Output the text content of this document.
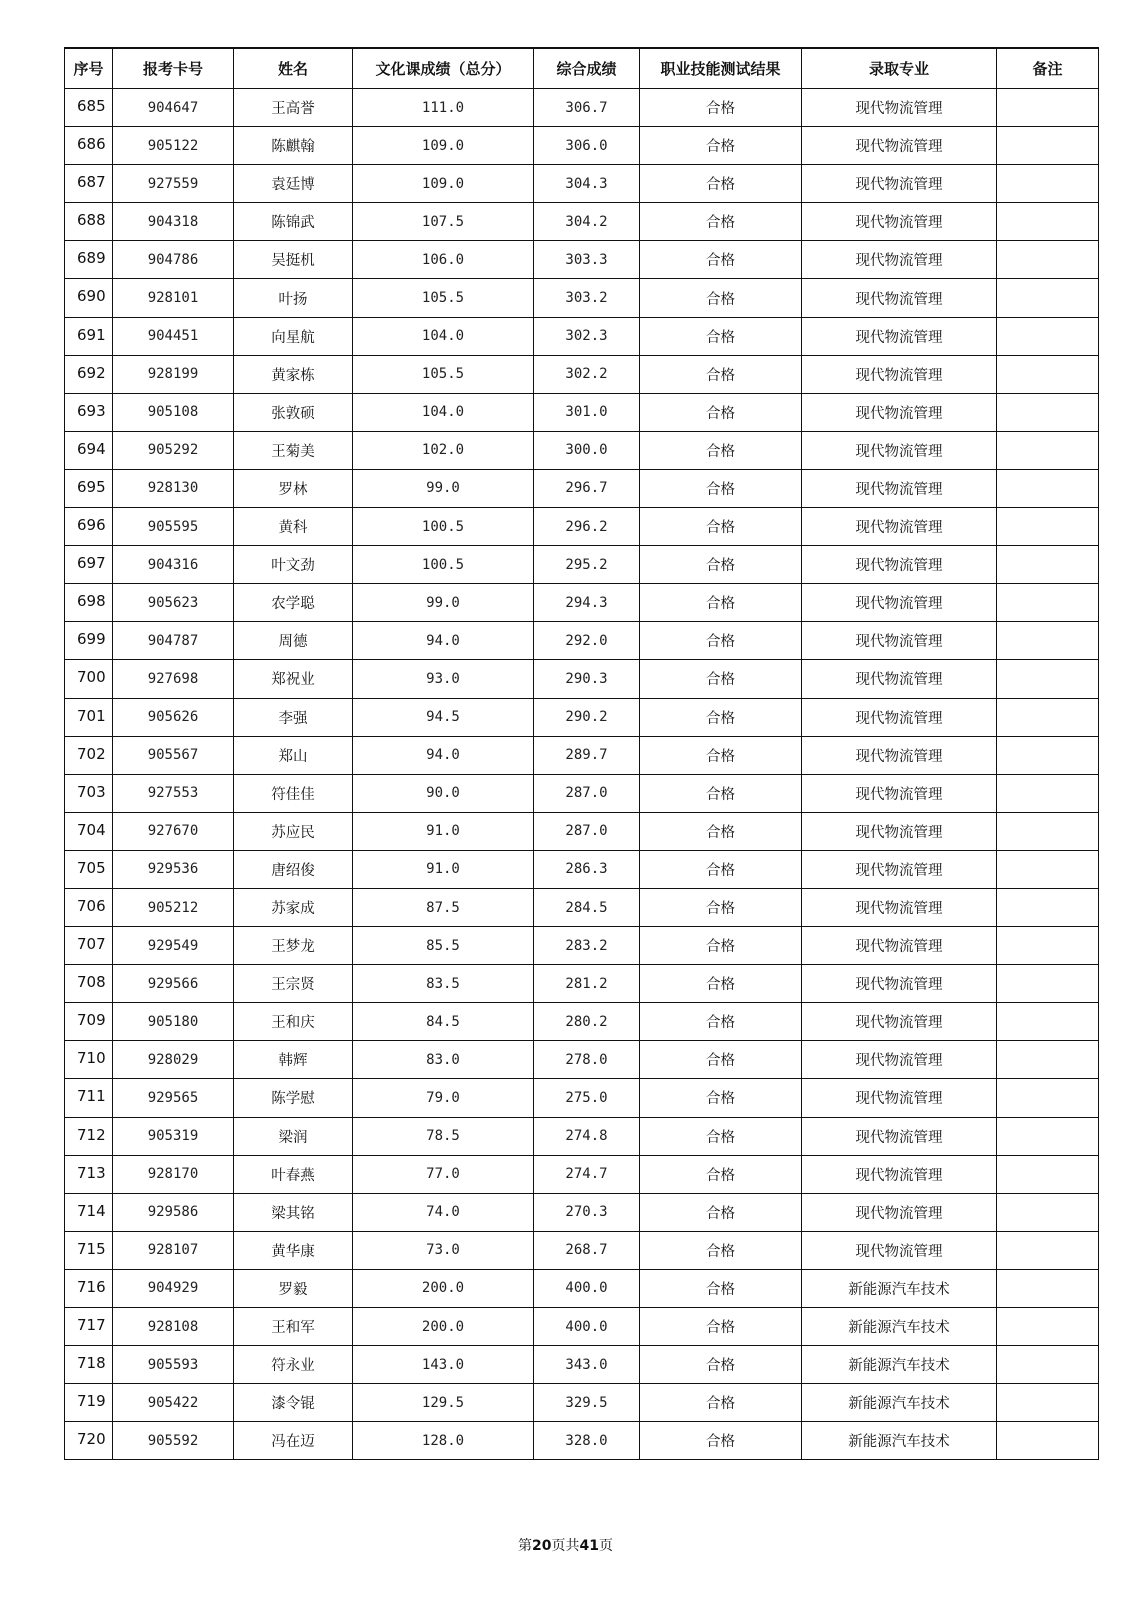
序号	报考卡号	姓名	文化课成绩（总分）	综合成绩	职业技能测试结果	录取专业	备注
685	904647	王高誉	111.0	306.7	合格	现代物流管理	
686	905122	陈麒翰	109.0	306.0	合格	现代物流管理	
687	927559	袁廷博	109.0	304.3	合格	现代物流管理	
688	904318	陈锦武	107.5	304.2	合格	现代物流管理	
689	904786	吴挺机	106.0	303.3	合格	现代物流管理	
690	928101	叶扬	105.5	303.2	合格	现代物流管理	
691	904451	向星航	104.0	302.3	合格	现代物流管理	
692	928199	黄家栋	105.5	302.2	合格	现代物流管理	
693	905108	张敦硕	104.0	301.0	合格	现代物流管理	
694	905292	王菊美	102.0	300.0	合格	现代物流管理	
695	928130	罗林	99.0	296.7	合格	现代物流管理	
696	905595	黄科	100.5	296.2	合格	现代物流管理	
697	904316	叶文劲	100.5	295.2	合格	现代物流管理	
698	905623	农学聪	99.0	294.3	合格	现代物流管理	
699	904787	周德	94.0	292.0	合格	现代物流管理	
700	927698	郑祝业	93.0	290.3	合格	现代物流管理	
701	905626	李强	94.5	290.2	合格	现代物流管理	
702	905567	郑山	94.0	289.7	合格	现代物流管理	
703	927553	符佳佳	90.0	287.0	合格	现代物流管理	
704	927670	苏应民	91.0	287.0	合格	现代物流管理	
705	929536	唐绍俊	91.0	286.3	合格	现代物流管理	
706	905212	苏家成	87.5	284.5	合格	现代物流管理	
707	929549	王梦龙	85.5	283.2	合格	现代物流管理	
708	929566	王宗贤	83.5	281.2	合格	现代物流管理	
709	905180	王和庆	84.5	280.2	合格	现代物流管理	
710	928029	韩辉	83.0	278.0	合格	现代物流管理	
711	929565	陈学慰	79.0	275.0	合格	现代物流管理	
712	905319	梁润	78.5	274.8	合格	现代物流管理	
713	928170	叶春燕	77.0	274.7	合格	现代物流管理	
714	929586	梁其铭	74.0	270.3	合格	现代物流管理	
715	928107	黄华康	73.0	268.7	合格	现代物流管理	
716	904929	罗毅	200.0	400.0	合格	新能源汽车技术	
717	928108	王和军	200.0	400.0	合格	新能源汽车技术	
718	905593	符永业	143.0	343.0	合格	新能源汽车技术	
719	905422	漆令锟	129.5	329.5	合格	新能源汽车技术	
720	905592	冯在迈	128.0	328.0	合格	新能源汽车技术	
第20页共41页
